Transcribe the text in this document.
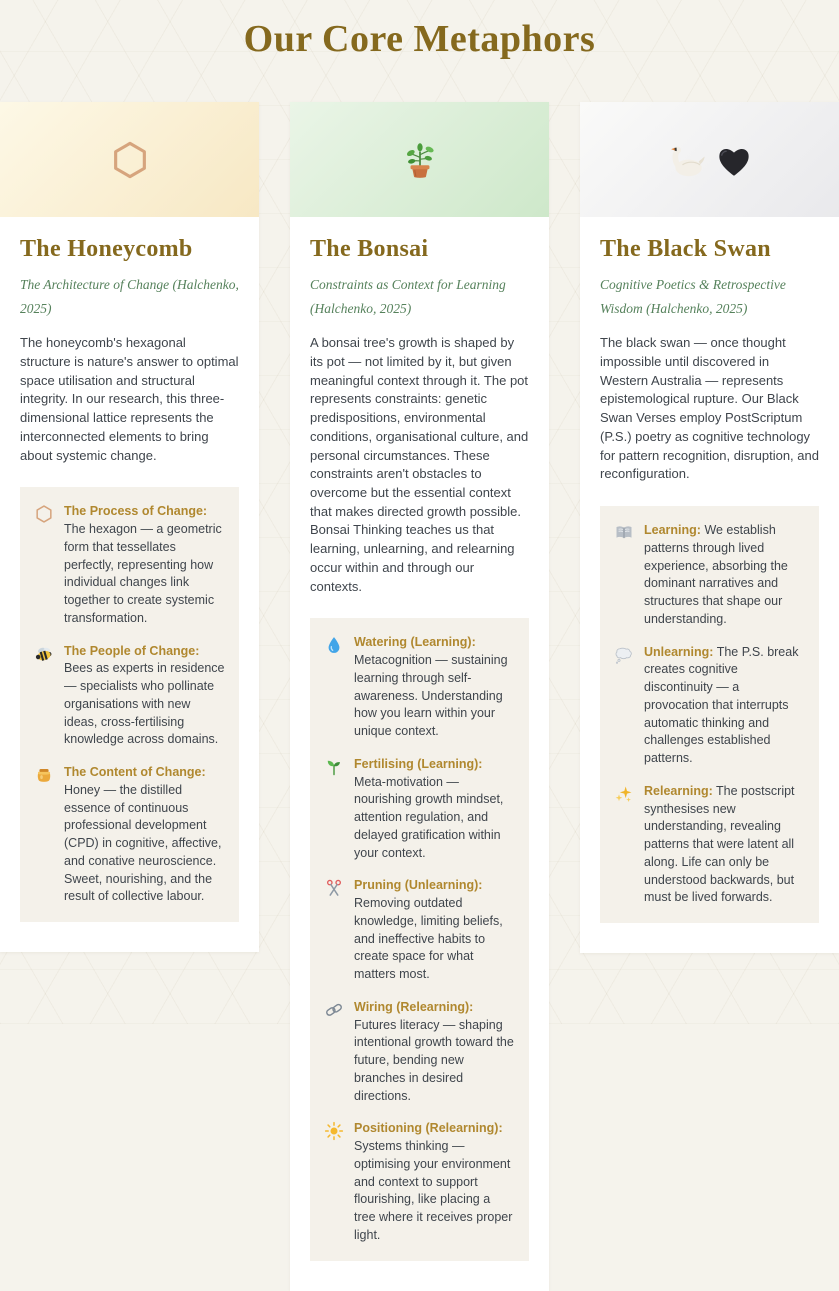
Our Core Metaphors
The Honeycomb

The Architecture of Change (Halchenko, 2025)

The honeycomb's hexagonal structure is nature's answer to optimal space utilisation and structural integrity. In our research, this three-dimensional lattice represents the interconnected elements to bring about systemic change.

The Process of Change: The hexagon — a geometric form that tessellates perfectly, representing how individual changes link together to create systemic transformation.

The People of Change: Bees as experts in residence — specialists who pollinate organisations with new ideas, cross-fertilising knowledge across domains.

The Content of Change: Honey — the distilled essence of continuous professional development (CPD) in cognitive, affective, and conative neuroscience. Sweet, nourishing, and the result of collective labour.

The Bonsai

Constraints as Context for Learning (Halchenko, 2025)

A bonsai tree's growth is shaped by its pot — not limited by it, but given meaningful context through it. The pot represents constraints: genetic predispositions, environmental conditions, organisational culture, and personal circumstances. These constraints aren't obstacles to overcome but the essential context that makes directed growth possible. Bonsai Thinking teaches us that learning, unlearning, and relearning occur within and through our contexts.

Watering (Learning): Metacognition — sustaining learning through self-awareness. Understanding how you learn within your unique context.

Fertilising (Learning): Meta-motivation — nourishing growth mindset, attention regulation, and delayed gratification within your context.

Pruning (Unlearning): Removing outdated knowledge, limiting beliefs, and ineffective habits to create space for what matters most.

Wiring (Relearning): Futures literacy — shaping intentional growth toward the future, bending new branches in desired directions.

Positioning (Relearning): Systems thinking — optimising your environment and context to support flourishing, like placing a tree where it receives proper light.

The Black Swan

Cognitive Poetics & Retrospective Wisdom (Halchenko, 2025)

The black swan — once thought impossible until discovered in Western Australia — represents epistemological rupture. Our Black Swan Verses employ PostScriptum (P.S.) poetry as cognitive technology for pattern recognition, disruption, and reconfiguration.

Learning: We establish patterns through lived experience, absorbing the dominant narratives and structures that shape our understanding.

Unlearning: The P.S. break creates cognitive discontinuity — a provocation that interrupts automatic thinking and challenges established patterns.

Relearning: The postscript synthesises new understanding, revealing patterns that were latent all along. Life can only be understood backwards, but must be lived forwards.
